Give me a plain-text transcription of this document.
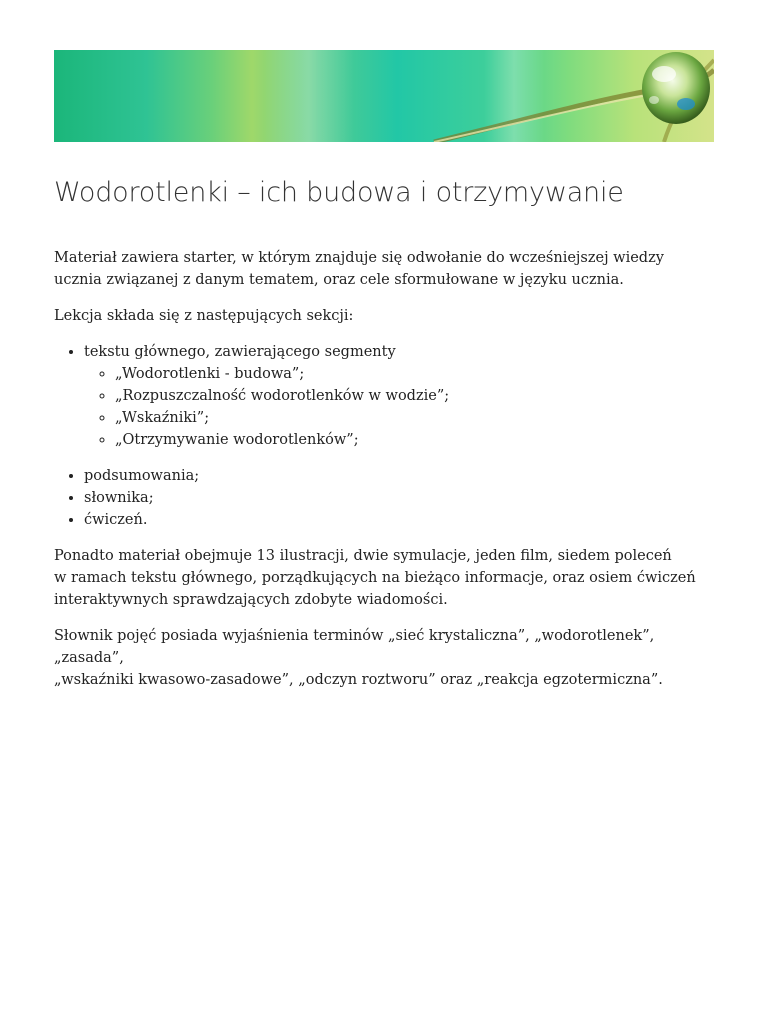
Wodorotlenki – ich budowa i otrzymywanie

Materiał zawiera starter, w którym znajduje się odwołanie do wcześniejszej wiedzy ucznia związanej z danym tematem, oraz cele sformułowane w języku ucznia.

Lekcja składa się z następujących sekcji:

• tekstu głównego, zawierającego segmenty
◦ „Wodorotlenki - budowa”;
◦ „Rozpuszczalność wodorotlenków w wodzie”;
◦ „Wskaźniki”;
◦ „Otrzymywanie wodorotlenków”;
• podsumowania;
• słownika;
• ćwiczeń.

Ponadto materiał obejmuje 13 ilustracji, dwie symulacje, jeden film, siedem poleceń
w ramach tekstu głównego, porządkujących na bieżąco informacje, oraz osiem ćwiczeń
interaktywnych sprawdzających zdobyte wiadomości.

Słownik pojęć posiada wyjaśnienia terminów „sieć krystaliczna”, „wodorotlenek”, „zasada”,
„wskaźniki kwasowo-zasadowe”, „odczyn roztworu” oraz „reakcja egzotermiczna”.
